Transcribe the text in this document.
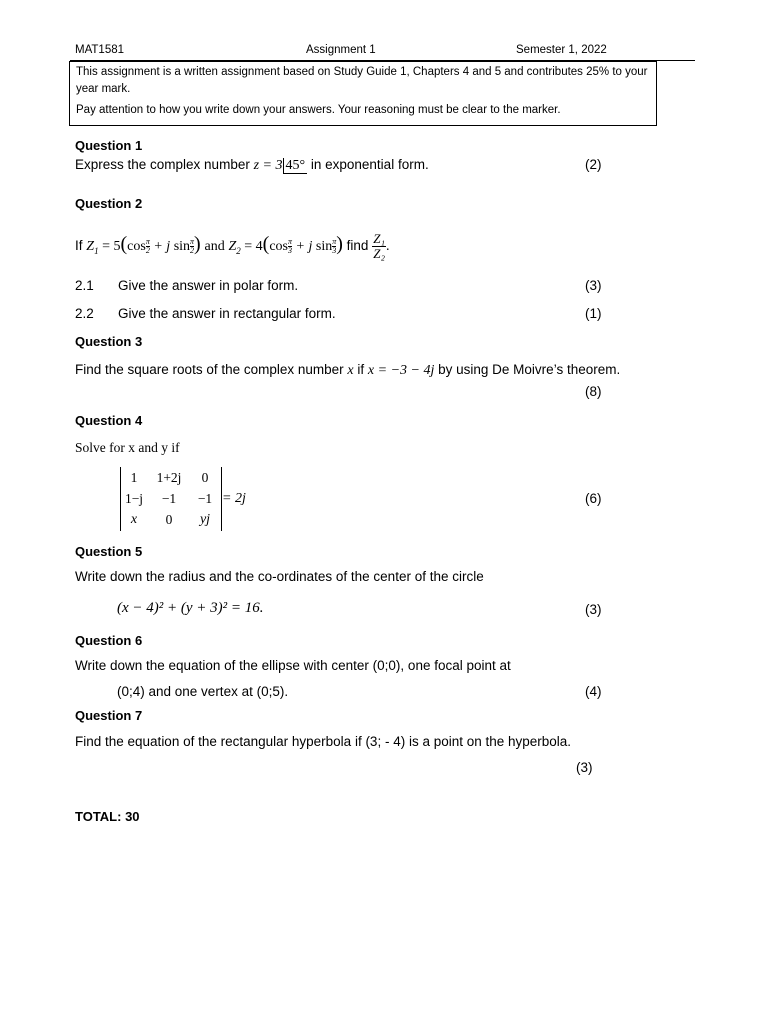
MAT1581	Assignment 1	Semester 1, 2022

This assignment is a written assignment based on Study Guide 1, Chapters 4 and 5 and contributes 25% to your year mark.

Pay attention to how you write down your answers. Your reasoning must be clear to the marker.

Question 1
Express the complex number z = 3 45° in exponential form.	(2)
Question 2
If $Z_1 = 5(\cos \frac{\pi}{2} + j$ $\sin \frac{\pi}{2}$) and $Z_2 = 4(\cos \frac{\pi}{3} + j$ $\sin \frac{\pi}{3}$) find $\frac{\text{Z₁}}{\text{Z₂}}$ .
2.1 Give the answer in polar form.	(3)
2.2 Give the answer in rectangular form.	(1)
Question 3
Find the square roots of the complex number x if x = −3 − 4j by using De Moivre’s theorem.
(8)
Question 4
Solve for x and y if
1	1+2j	0
1−j	−1	−1
x	0	yj
= 2j	(6)
Question 5
Write down the radius and the co-ordinates of the center of the circle
(x − 4)² + (y + 3)² = 16.	(3)
Question 6
Write down the equation of the ellipse with center (0;0), one focal point at
(0;4) and one vertex at (0;5).	(4)
Question 7
Find the equation of the rectangular hyperbola if (3; - 4) is a point on the hyperbola.
(3)
TOTAL: 30
